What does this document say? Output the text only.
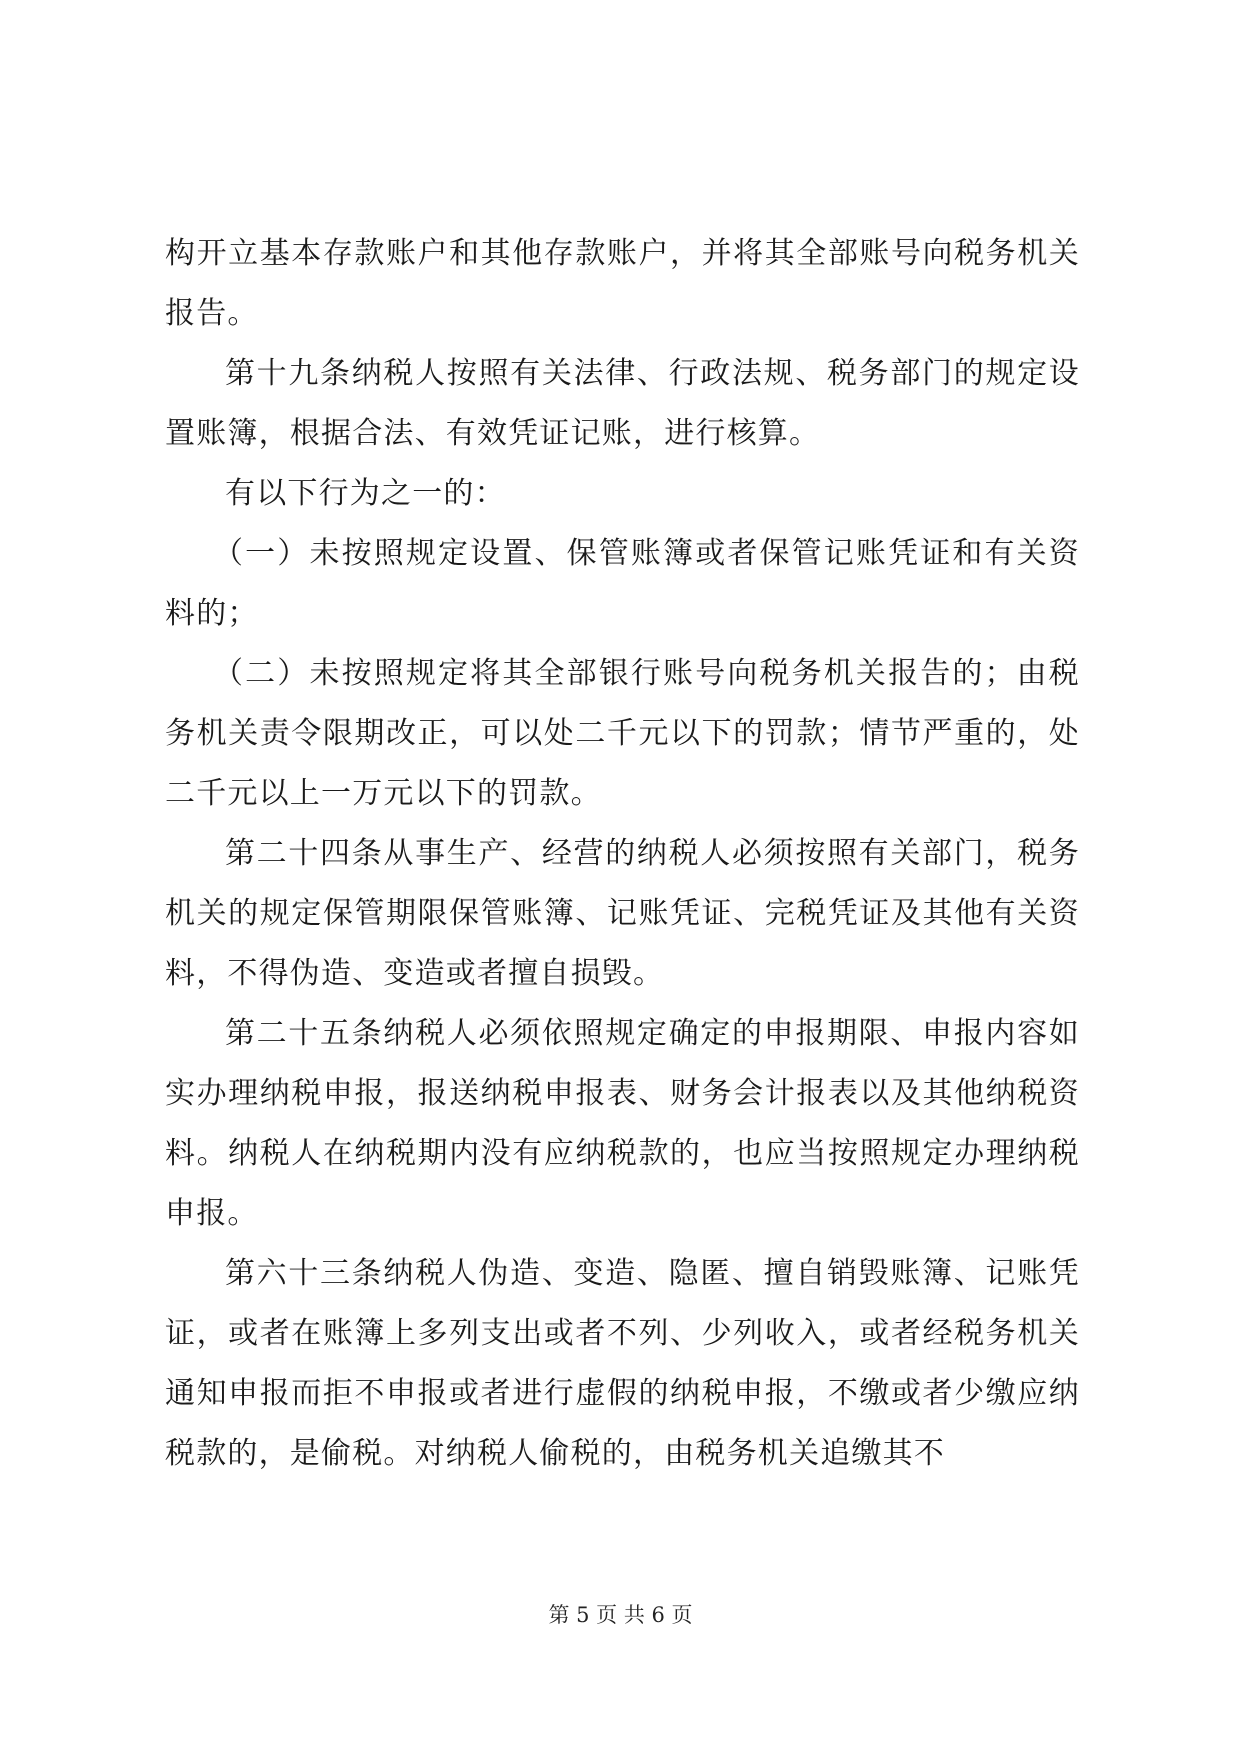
构开立基本存款账户和其他存款账户，并将其全部账号向税务机关报告。

第十九条纳税人按照有关法律、行政法规、税务部门的规定设置账簿，根据合法、有效凭证记账，进行核算。

有以下行为之一的：

（一）未按照规定设置、保管账簿或者保管记账凭证和有关资料的；

（二）未按照规定将其全部银行账号向税务机关报告的；由税务机关责令限期改正，可以处二千元以下的罚款；情节严重的，处二千元以上一万元以下的罚款。

第二十四条从事生产、经营的纳税人必须按照有关部门，税务机关的规定保管期限保管账簿、记账凭证、完税凭证及其他有关资料，不得伪造、变造或者擅自损毁。

第二十五条纳税人必须依照规定确定的申报期限、申报内容如实办理纳税申报，报送纳税申报表、财务会计报表以及其他纳税资料。纳税人在纳税期内没有应纳税款的，也应当按照规定办理纳税申报。

第六十三条纳税人伪造、变造、隐匿、擅自销毁账簿、记账凭证，或者在账簿上多列支出或者不列、少列收入，或者经税务机关通知申报而拒不申报或者进行虚假的纳税申报，不缴或者少缴应纳税款的，是偷税。对纳税人偷税的，由税务机关追缴其不

第 5 页 共 6 页
